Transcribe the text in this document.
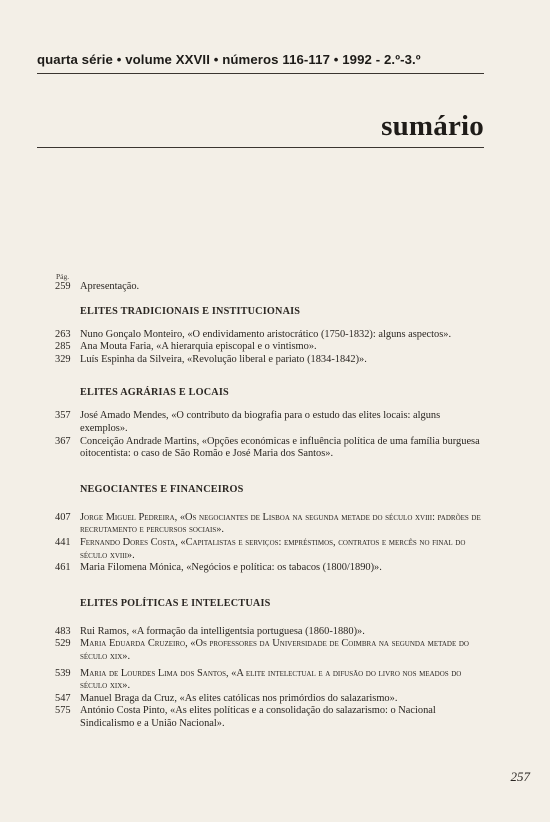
quarta série • volume XXVII • números 116-117 • 1992 - 2.º-3.º
sumário
Pág.
259 Apresentação.
ELITES TRADICIONAIS E INSTITUCIONAIS
263 Nuno Gonçalo Monteiro, «O endividamento aristocrático (1750-1832): alguns aspectos».
285 Ana Mouta Faria, «A hierarquia episcopal e o vintismo».
329 Luís Espinha da Silveira, «Revolução liberal e pariato (1834-1842)».
ELITES AGRÁRIAS E LOCAIS
357 José Amado Mendes, «O contributo da biografia para o estudo das elites locais: alguns exemplos».
367 Conceição Andrade Martins, «Opções económicas e influência política de uma família burguesa oitocentista: o caso de São Romão e José Maria dos Santos».
NEGOCIANTES E FINANCEIROS
407 Jorge Miguel Pedreira, «Os negociantes de Lisboa na segunda metade do século xviii: padrões de recrutamento e percursos sociais».
441 Fernando Dores Costa, «Capitalistas e serviços: empréstimos, contratos e mercês no final do século xviii».
461 Maria Filomena Mónica, «Negócios e política: os tabacos (1800/1890)».
ELITES POLÍTICAS E INTELECTUAIS
483 Rui Ramos, «A formação da intelligentsia portuguesa (1860-1880)».
529 Maria Eduarda Cruzeiro, «Os professores da Universidade de Coimbra na segunda metade do século xix».
539 Maria de Lourdes Lima dos Santos, «A elite intelectual e a difusão do livro nos meados do século xix».
547 Manuel Braga da Cruz, «As elites católicas nos primórdios do salazarismo».
575 António Costa Pinto, «As elites políticas e a consolidação do salazarismo: o Nacional Sindicalismo e a União Nacional».
257
